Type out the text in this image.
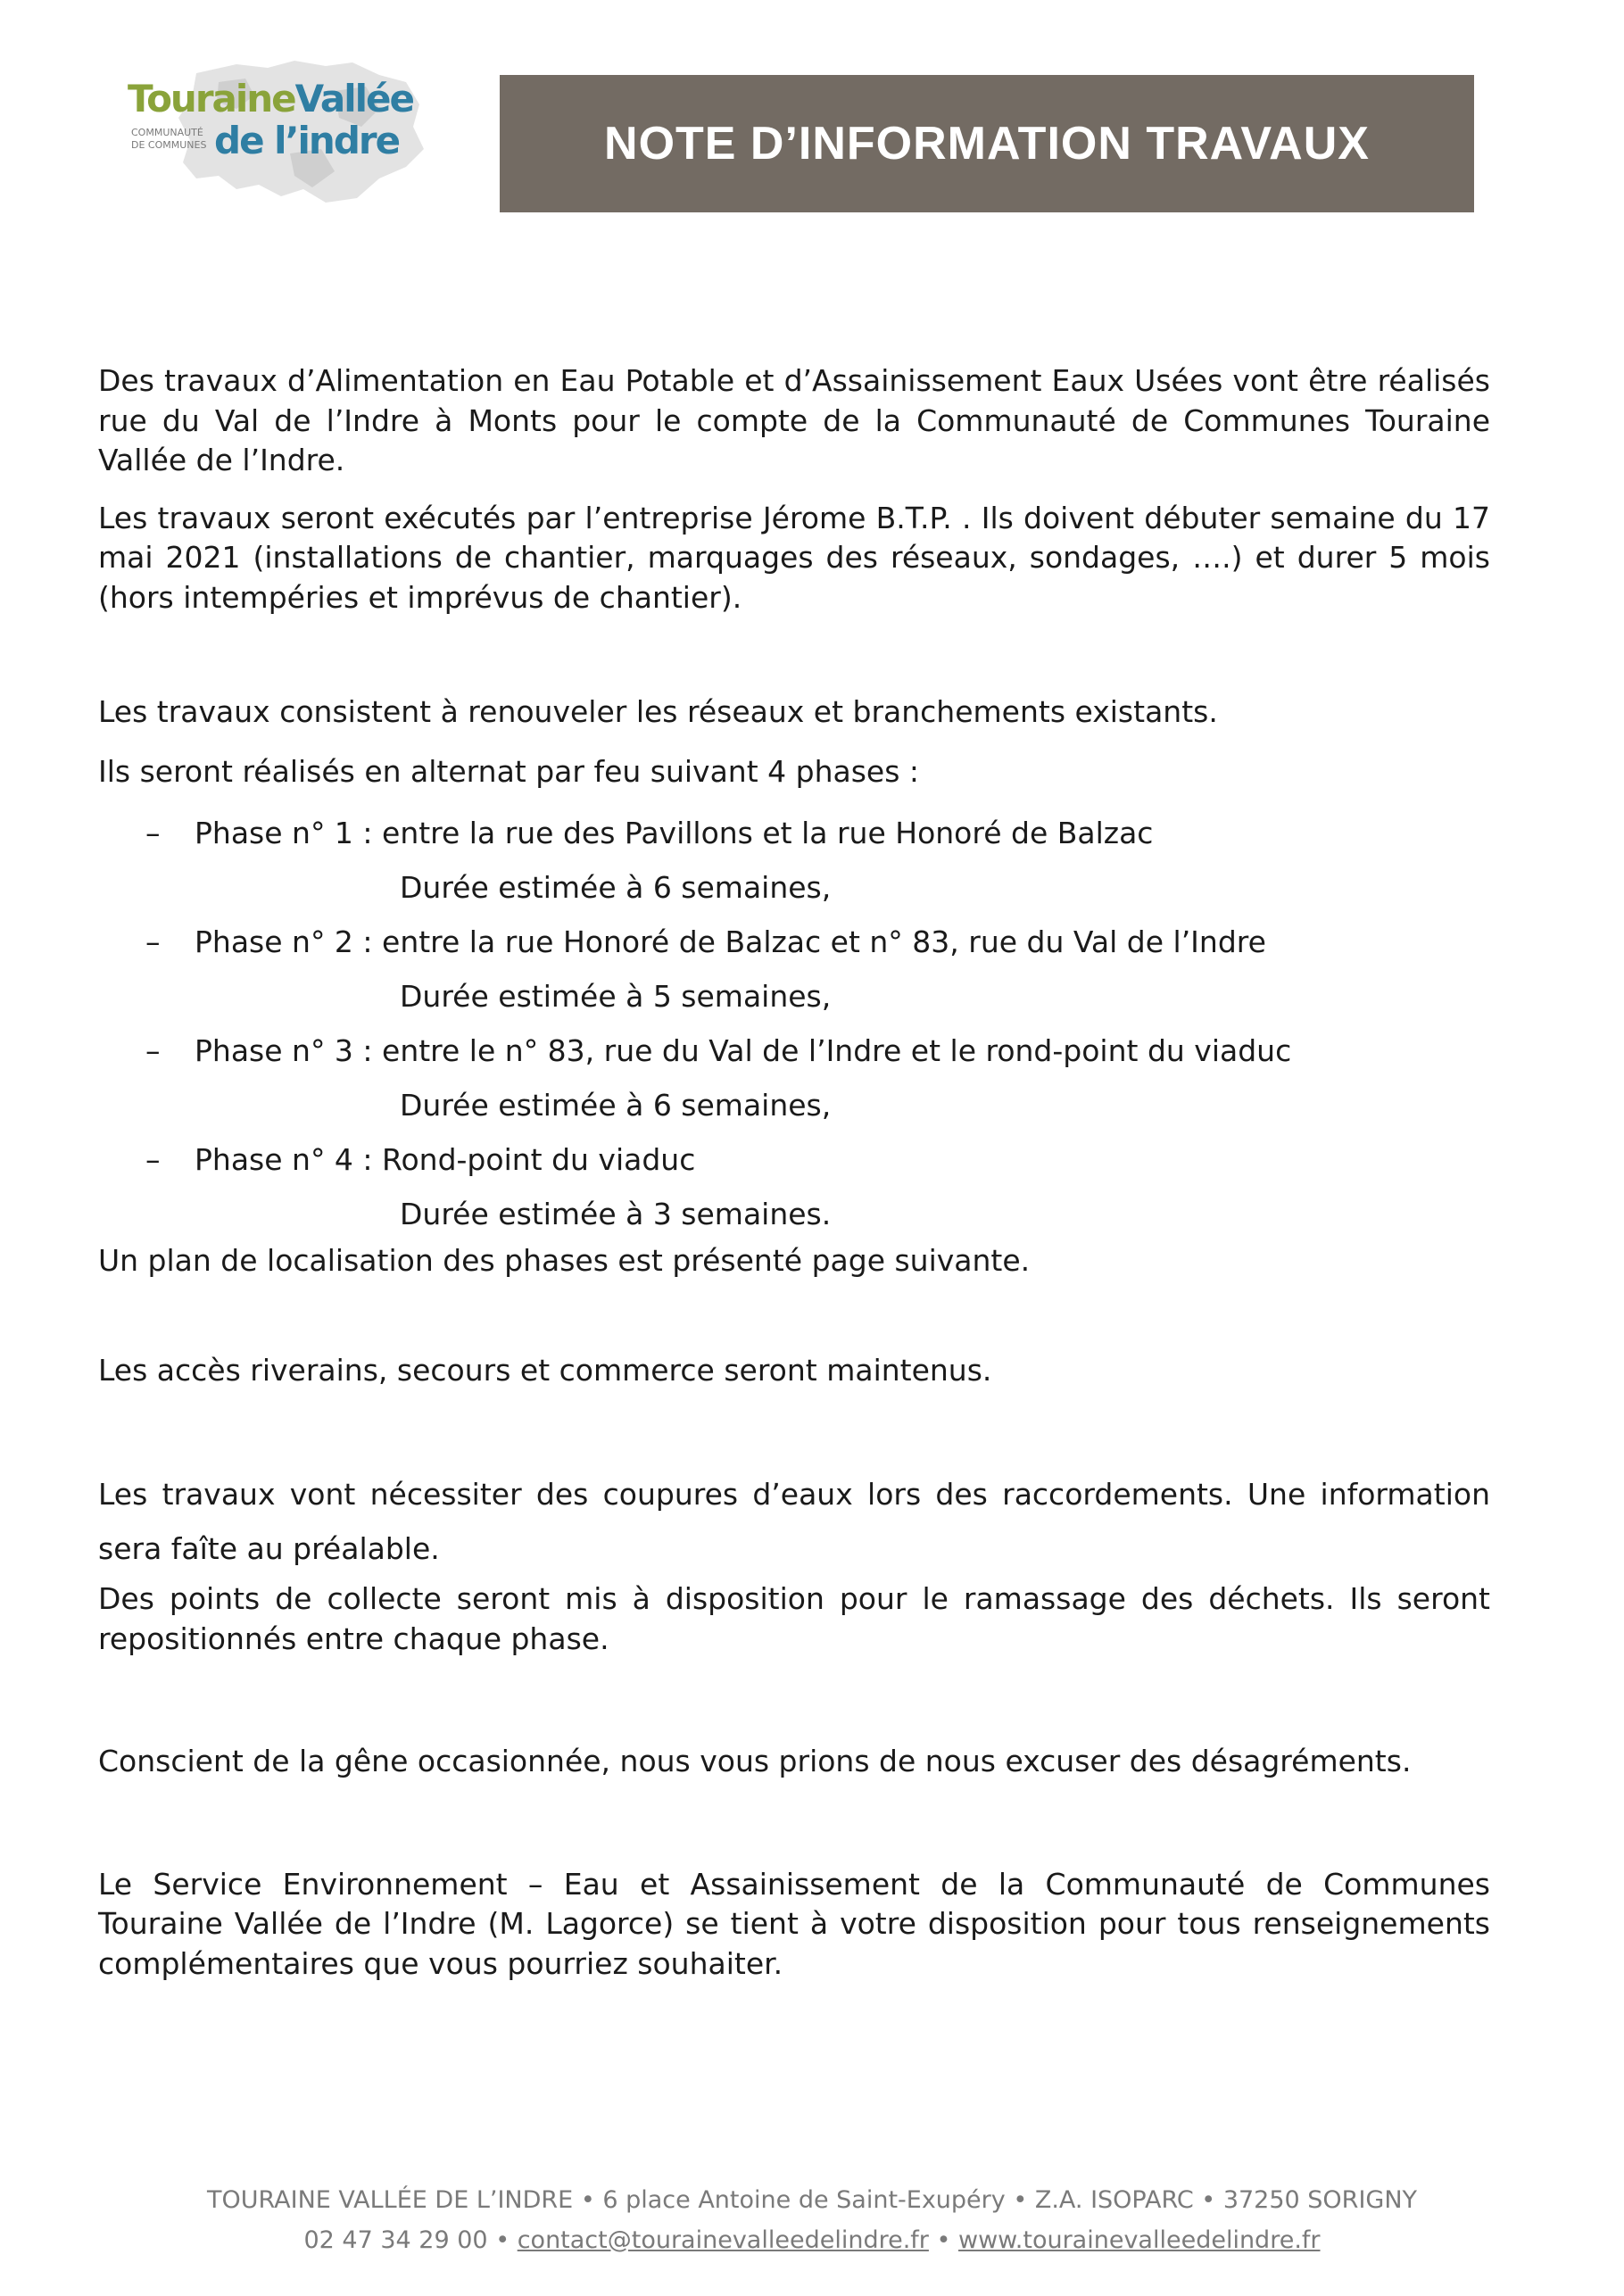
TouraineVallée
COMMUNAUTÉ
DE COMMUNES de l’indre	NOTE D’INFORMATION TRAVAUX

Des travaux d’Alimentation en Eau Potable et d’Assainissement Eaux Usées vont être réalisés rue du Val de l’Indre à Monts pour le compte de la Communauté de Communes Touraine Vallée de l’Indre.

Les travaux seront exécutés par l’entreprise Jérome B.T.P. . Ils doivent débuter semaine du 17 mai 2021 (installations de chantier, marquages des réseaux, sondages, ….) et durer 5 mois (hors intempéries et imprévus de chantier).

Les travaux consistent à renouveler les réseaux et branchements existants.

Ils seront réalisés en alternat par feu suivant 4 phases :

– Phase n° 1 : entre la rue des Pavillons et la rue Honoré de Balzac
Durée estimée à 6 semaines,
– Phase n° 2 : entre la rue Honoré de Balzac et n° 83, rue du Val de l’Indre
Durée estimée à 5 semaines,
– Phase n° 3 : entre le n° 83, rue du Val de l’Indre et le rond-point du viaduc
Durée estimée à 6 semaines,
– Phase n° 4 : Rond-point du viaduc
Durée estimée à 3 semaines.

Un plan de localisation des phases est présenté page suivante.

Les accès riverains, secours et commerce seront maintenus.

Les travaux vont nécessiter des coupures d’eaux lors des raccordements. Une information sera faîte au préalable.

Des points de collecte seront mis à disposition pour le ramassage des déchets. Ils seront repositionnés entre chaque phase.

Conscient de la gêne occasionnée, nous vous prions de nous excuser des désagréments.

Le Service Environnement – Eau et Assainissement de la Communauté de Communes Touraine Vallée de l’Indre (M. Lagorce) se tient à votre disposition pour tous renseignements complémentaires que vous pourriez souhaiter.

TOURAINE VALLÉE DE L’INDRE • 6 place Antoine de Saint-Exupéry • Z.A. ISOPARC • 37250 SORIGNY
02 47 34 29 00 • contact@tourainevalleedelindre.fr • www.tourainevalleedelindre.fr
